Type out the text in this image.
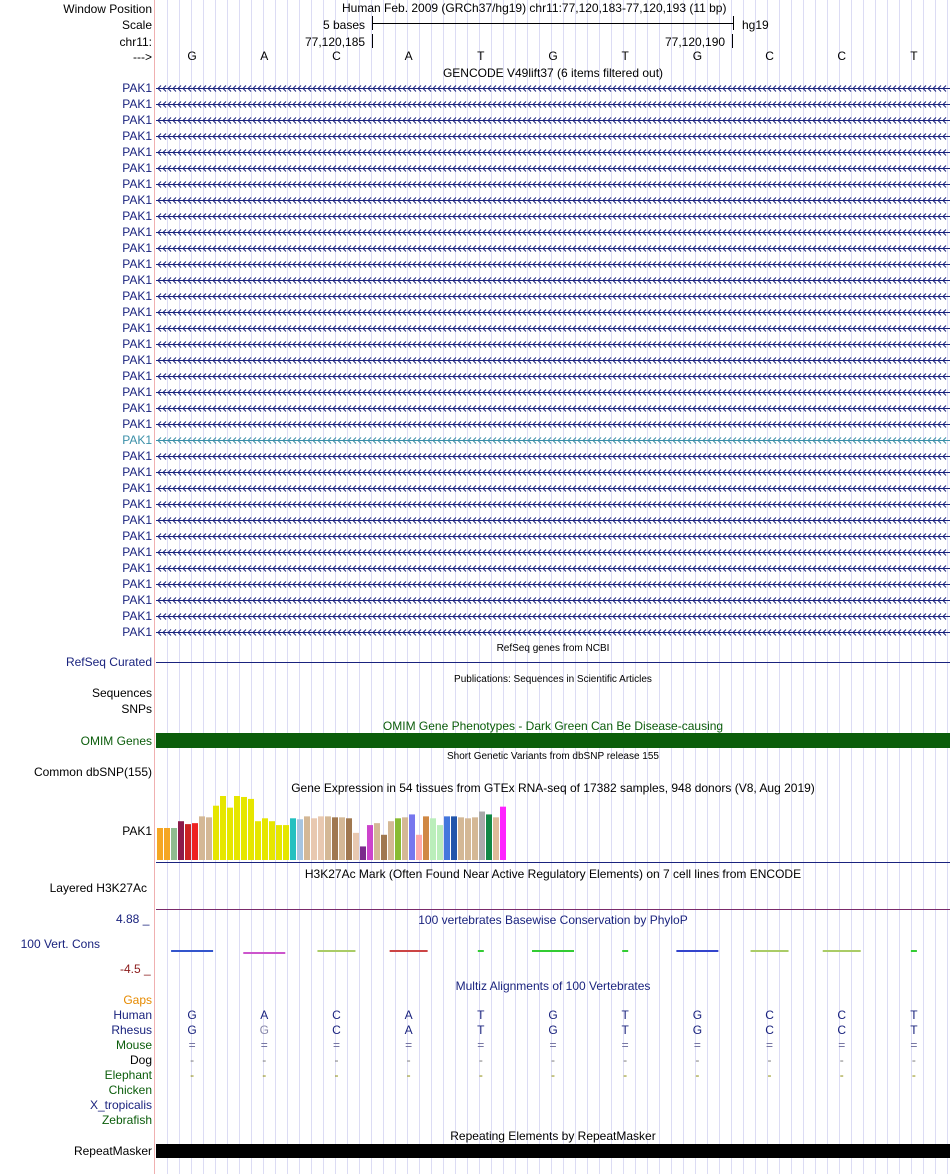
Window Position
Scale
chr11:
--->
Human Feb. 2009 (GRCh37/hg19) chr11:77,120,183-77,120,193 (11 bp)
5 bases	hg19
77,120,185	77,120,190
G	A	C	A	T	G	T	G	C	C	T
GENCODE V49lift37 (6 items filtered out)
PAK1
PAK1
PAK1
PAK1
PAK1
PAK1
PAK1
PAK1
PAK1
PAK1
PAK1
PAK1
PAK1
PAK1
PAK1
PAK1
PAK1
PAK1
PAK1
PAK1
PAK1
PAK1
PAK1
PAK1
PAK1
PAK1
PAK1
PAK1
PAK1
PAK1
PAK1
PAK1
PAK1
PAK1
PAK1
RefSeq genes from NCBI
RefSeq Curated
Publications: Sequences in Scientific Articles
Sequences
SNPs
OMIM Gene Phenotypes - Dark Green Can Be Disease-causing
OMIM Genes
Short Genetic Variants from dbSNP release 155
Common dbSNP(155)
Gene Expression in 54 tissues from GTEx RNA-seq of 17382 samples, 948 donors (V8, Aug 2019)
PAK1
H3K27Ac Mark (Often Found Near Active Regulatory Elements) on 7 cell lines from ENCODE
Layered H3K27Ac
100 vertebrates Basewise Conservation by PhyloP
4.88 _
100 Vert. Cons
-4.5 _
Multiz Alignments of 100 Vertebrates
Gaps
Human	G	A	C	A	T	G	T	G	C	C	T
Rhesus	G	G	C	A	T	G	T	G	C	C	T
Mouse	=	=	=	=	=	=	=	=	=	=	=
Dog	-	-	-	-	-	-	-	-	-	-	-
Elephant	-	-	-	-	-	-	-	-	-	-	-
Chicken
X_tropicalis
Zebrafish
Repeating Elements by RepeatMasker
RepeatMasker
